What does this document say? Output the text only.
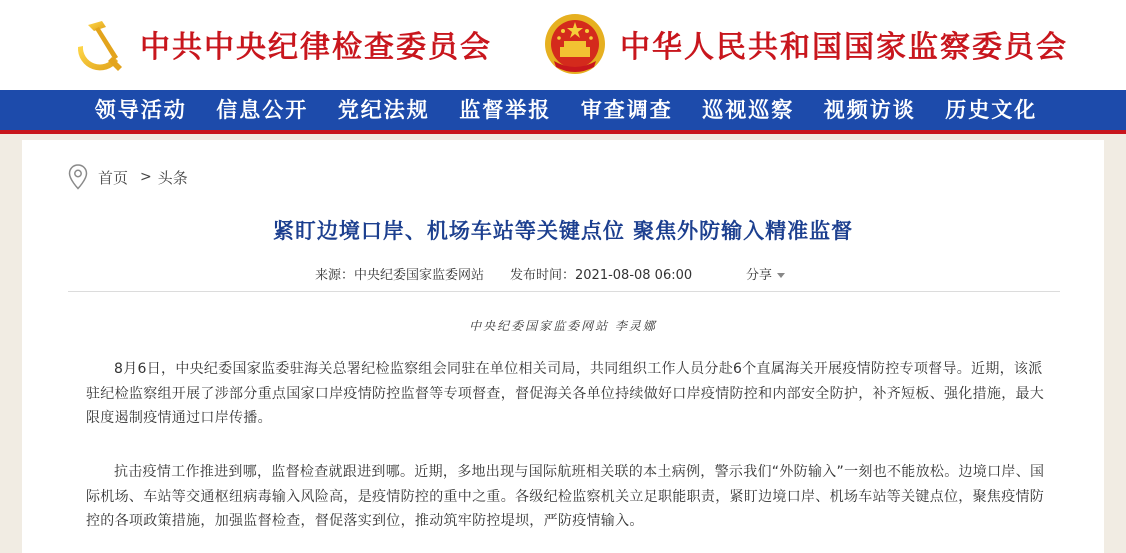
中共中央纪律检查委员会	中华人民共和国国家监察委员会
领导活动	信息公开	党纪法规	监督举报	审查调查	巡视巡察	视频访谈	历史文化
首页 > 头条
紧盯边境口岸、机场车站等关键点位 聚焦外防输入精准监督
来源：中央纪委国家监委网站 发布时间：2021-08-08 06:00	分享
中央纪委国家监委网站 李灵娜

8月6日，中央纪委国家监委驻海关总署纪检监察组会同驻在单位相关司局，共同组织工作人员分赴6个直属海关开展疫情防控专项督导。近期，该派驻纪检监察组开展了涉部分重点国家口岸疫情防控监督等专项督查，督促海关各单位持续做好口岸疫情防控和内部安全防护，补齐短板、强化措施，最大限度遏制疫情通过口岸传播。

抗击疫情工作推进到哪，监督检查就跟进到哪。近期，多地出现与国际航班相关联的本土病例，警示我们“外防输入”一刻也不能放松。边境口岸、国际机场、车站等交通枢纽病毒输入风险高，是疫情防控的重中之重。各级纪检监察机关立足职能职责，紧盯边境口岸、机场车站等关键点位，聚焦疫情防控的各项政策措施，加强监督检查，督促落实到位，推动筑牢防控堤坝，严防疫情输入。
